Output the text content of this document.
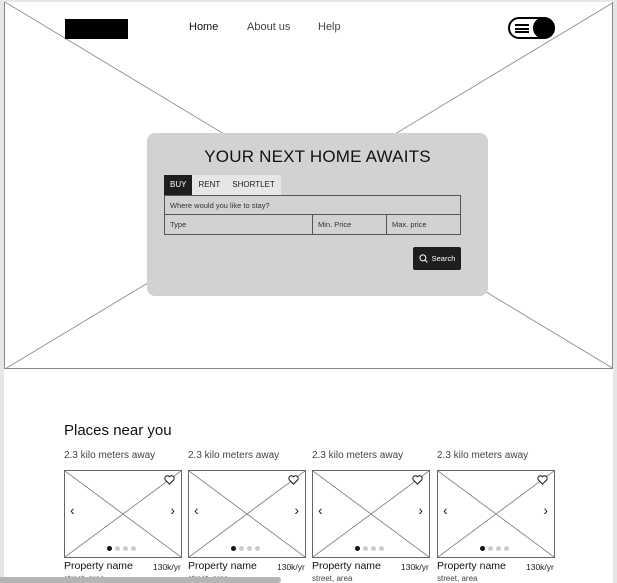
Home	About us	Help
YOUR NEXT HOME AWAITS
BUY	RENT	SHORTLET
Where would you like to stay?
Type	Min. Price	Max. price
Search
Places near you
2.3 kilo meters away
‹	›
Property name 130k/yr
2.3 kilo meters away
‹	›
Property name 130k/yr
2.3 kilo meters away
‹	›
Property name 130k/yr
street, area
2.3 kilo meters away
‹	›
Property name 130k/yr
street, area
